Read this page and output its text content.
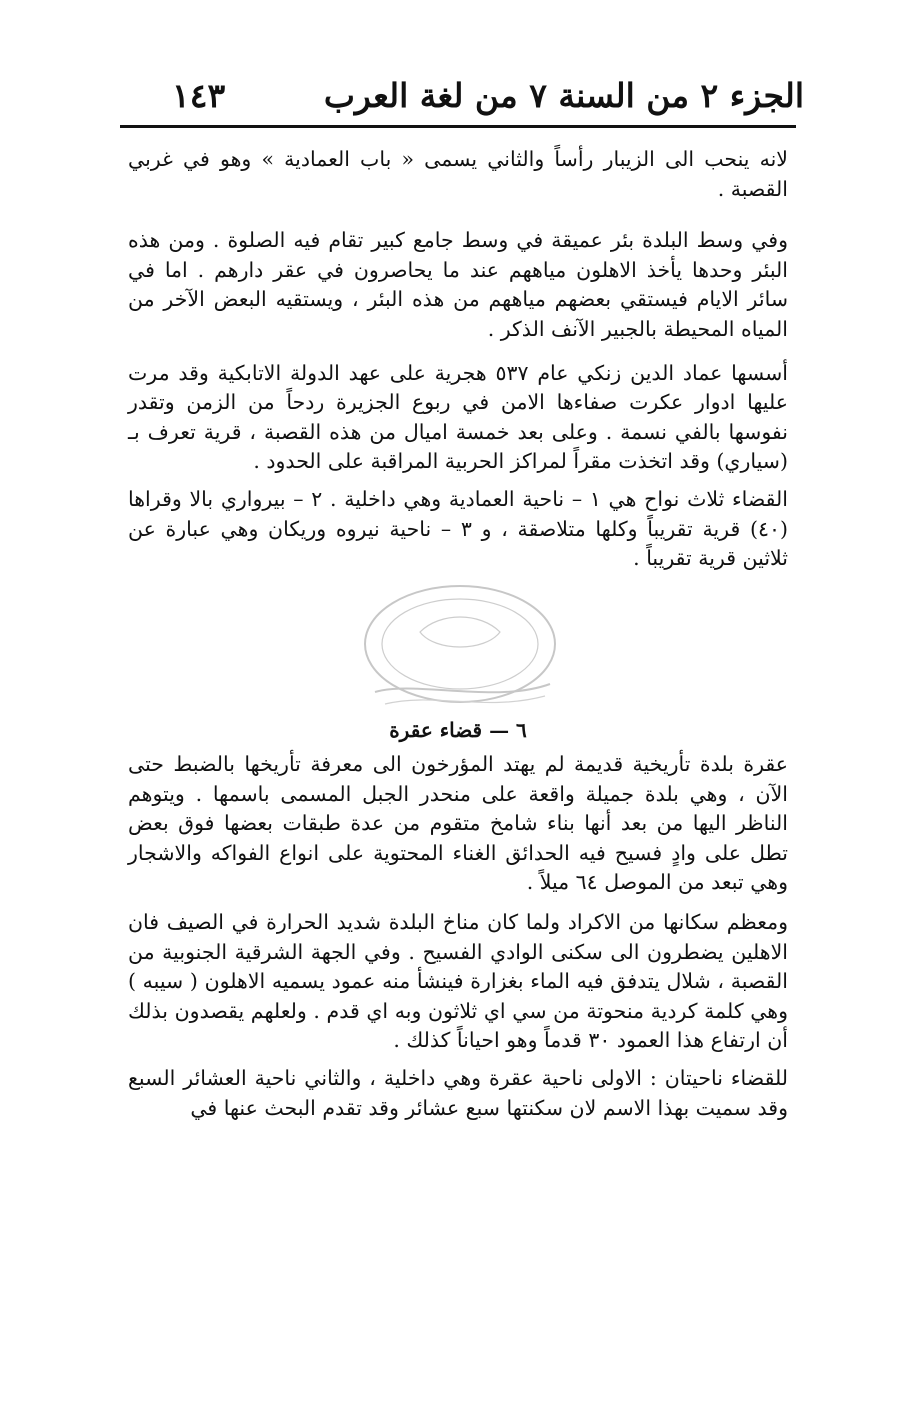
الجزء ٢ من السنة ٧ من لغة العرب
١٤٣

لانه ينحب الى الزيبار رأساً والثاني يسمى « باب العمادية » وهو في غربي القصبة .

وفي وسط البلدة بئر عميقة في وسط جامع كبير تقام فيه الصلوة . ومن هذه البئر وحدها يأخذ الاهلون مياههم عند ما يحاصرون في عقر دارهم . اما في سائر الايام فيستقي بعضهم مياههم من هذه البئر ، ويستقيه البعض الآخر من المياه المحيطة بالجبير الآنف الذكر .

أسسها عماد الدين زنكي عام ٥٣٧ هجرية على عهد الدولة الاتابكية وقد مرت عليها ادوار عكرت صفاءها الامن في ربوع الجزيرة ردحاً من الزمن وتقدر نفوسها بالفي نسمة . وعلى بعد خمسة اميال من هذه القصبة ، قرية تعرف بـ (سياري) وقد اتخذت مقراً لمراكز الحربية المراقبة على الحدود .

القضاء ثلاث نواح هي ١ – ناحية العمادية وهي داخلية . ٢ – بيرواري بالا وقراها (٤٠) قرية تقريباً وكلها متلاصقة ، و ٣ – ناحية نيروه وريكان وهي عبارة عن ثلاثين قرية تقريباً .

٦ — قضاء عقرة

عقرة بلدة تأريخية قديمة لم يهتد المؤرخون الى معرفة تأريخها بالضبط حتى الآن ، وهي بلدة جميلة واقعة على منحدر الجبل المسمى باسمها . ويتوهم الناظر اليها من بعد أنها بناء شامخ متقوم من عدة طبقات بعضها فوق بعض تطل على وادٍ فسيح فيه الحدائق الغناء المحتوية على انواع الفواكه والاشجار وهي تبعد من الموصل ٦٤ ميلاً .

ومعظم سكانها من الاكراد ولما كان مناخ البلدة شديد الحرارة في الصيف فان الاهلين يضطرون الى سكنى الوادي الفسيح . وفي الجهة الشرقية الجنوبية من القصبة ، شلال يتدفق فيه الماء بغزارة فينشأ منه عمود يسميه الاهلون ( سيبه ) وهي كلمة كردية منحوتة من سي اي ثلاثون وبه اي قدم . ولعلهم يقصدون بذلك أن ارتفاع هذا العمود ٣٠ قدماً وهو احياناً كذلك .

للقضاء ناحيتان : الاولى ناحية عقرة وهي داخلية ، والثاني ناحية العشائر السبع وقد سميت بهذا الاسم لان سكنتها سبع عشائر وقد تقدم البحث عنها في
